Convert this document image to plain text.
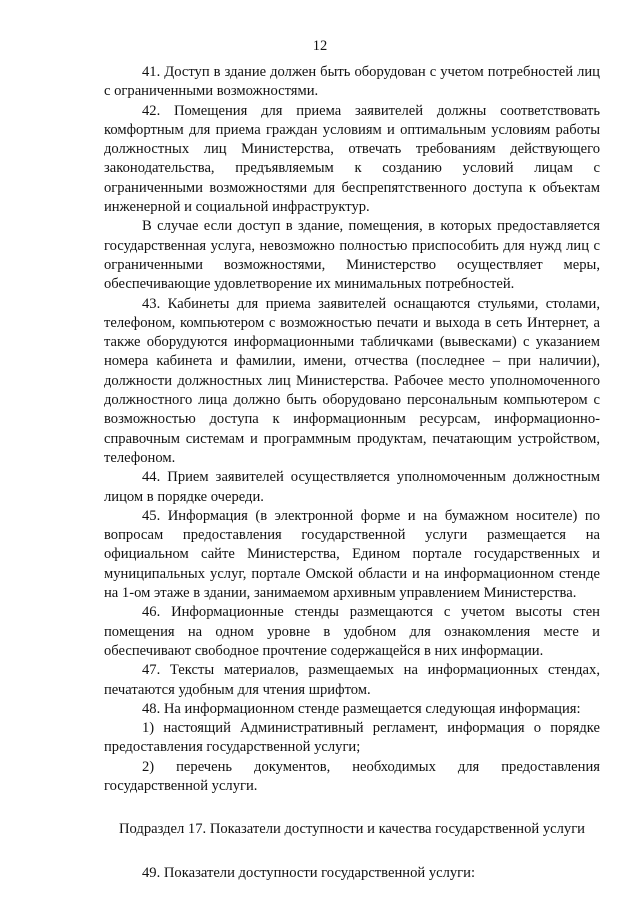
12

41. Доступ в здание должен быть оборудован с учетом потребностей лиц с ограниченными возможностями.

42. Помещения для приема заявителей должны соответствовать комфортным для приема граждан условиям и оптимальным условиям работы должностных лиц Министерства, отвечать требованиям действующего законодательства, предъявляемым к созданию условий лицам с ограниченными возможностями для беспрепятственного доступа к объектам инженерной и социальной инфраструктур.

В случае если доступ в здание, помещения, в которых предоставляется государственная услуга, невозможно полностью приспособить для нужд лиц с ограниченными возможностями, Министерство осуществляет меры, обеспечивающие удовлетворение их минимальных потребностей.

43. Кабинеты для приема заявителей оснащаются стульями, столами, телефоном, компьютером с возможностью печати и выхода в сеть Интернет, а также оборудуются информационными табличками (вывесками) с указанием номера кабинета и фамилии, имени, отчества (последнее – при наличии), должности должностных лиц Министерства. Рабочее место уполномоченного должностного лица должно быть оборудовано персональным компьютером с возможностью доступа к информационным ресурсам, информационно-справочным системам и программным продуктам, печатающим устройством, телефоном.

44. Прием заявителей осуществляется уполномоченным должностным лицом в порядке очереди.

45. Информация (в электронной форме и на бумажном носителе) по вопросам предоставления государственной услуги размещается на официальном сайте Министерства, Едином портале государственных и муниципальных услуг, портале Омской области и на информационном стенде на 1-ом этаже в здании, занимаемом архивным управлением Министерства.

46. Информационные стенды размещаются с учетом высоты стен помещения на одном уровне в удобном для ознакомления месте и обеспечивают свободное прочтение содержащейся в них информации.

47. Тексты материалов, размещаемых на информационных стендах, печатаются удобным для чтения шрифтом.

48. На информационном стенде размещается следующая информация:

1) настоящий Административный регламент, информация о порядке предоставления государственной услуги;

2) перечень документов, необходимых для предоставления государственной услуги.

Подраздел 17. Показатели доступности и качества государственной услуги

49. Показатели доступности государственной услуги:
